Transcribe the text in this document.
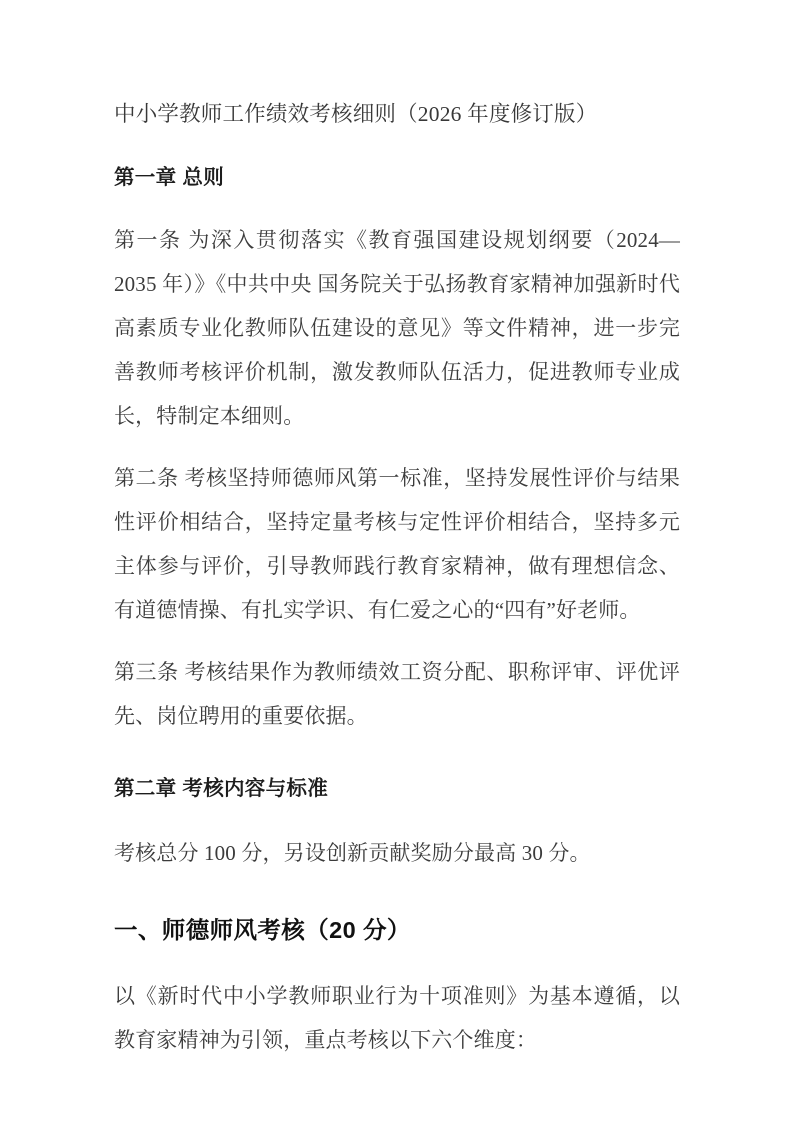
中小学教师工作绩效考核细则（2026 年度修订版）
第一章 总则

第一条 为深入贯彻落实《教育强国建设规划纲要（2024—2035 年）》《中共中央 国务院关于弘扬教育家精神加强新时代高素质专业化教师队伍建设的意见》等文件精神，进一步完善教师考核评价机制，激发教师队伍活力，促进教师专业成长，特制定本细则。

第二条 考核坚持师德师风第一标准，坚持发展性评价与结果性评价相结合，坚持定量考核与定性评价相结合，坚持多元主体参与评价，引导教师践行教育家精神，做有理想信念、有道德情操、有扎实学识、有仁爱之心的“四有”好老师。

第三条 考核结果作为教师绩效工资分配、职称评审、评优评先、岗位聘用的重要依据。

第二章 考核内容与标准

考核总分 100 分，另设创新贡献奖励分最高 30 分。

一、师德师风考核（20 分）

以《新时代中小学教师职业行为十项准则》为基本遵循，以教育家精神为引领，重点考核以下六个维度：
